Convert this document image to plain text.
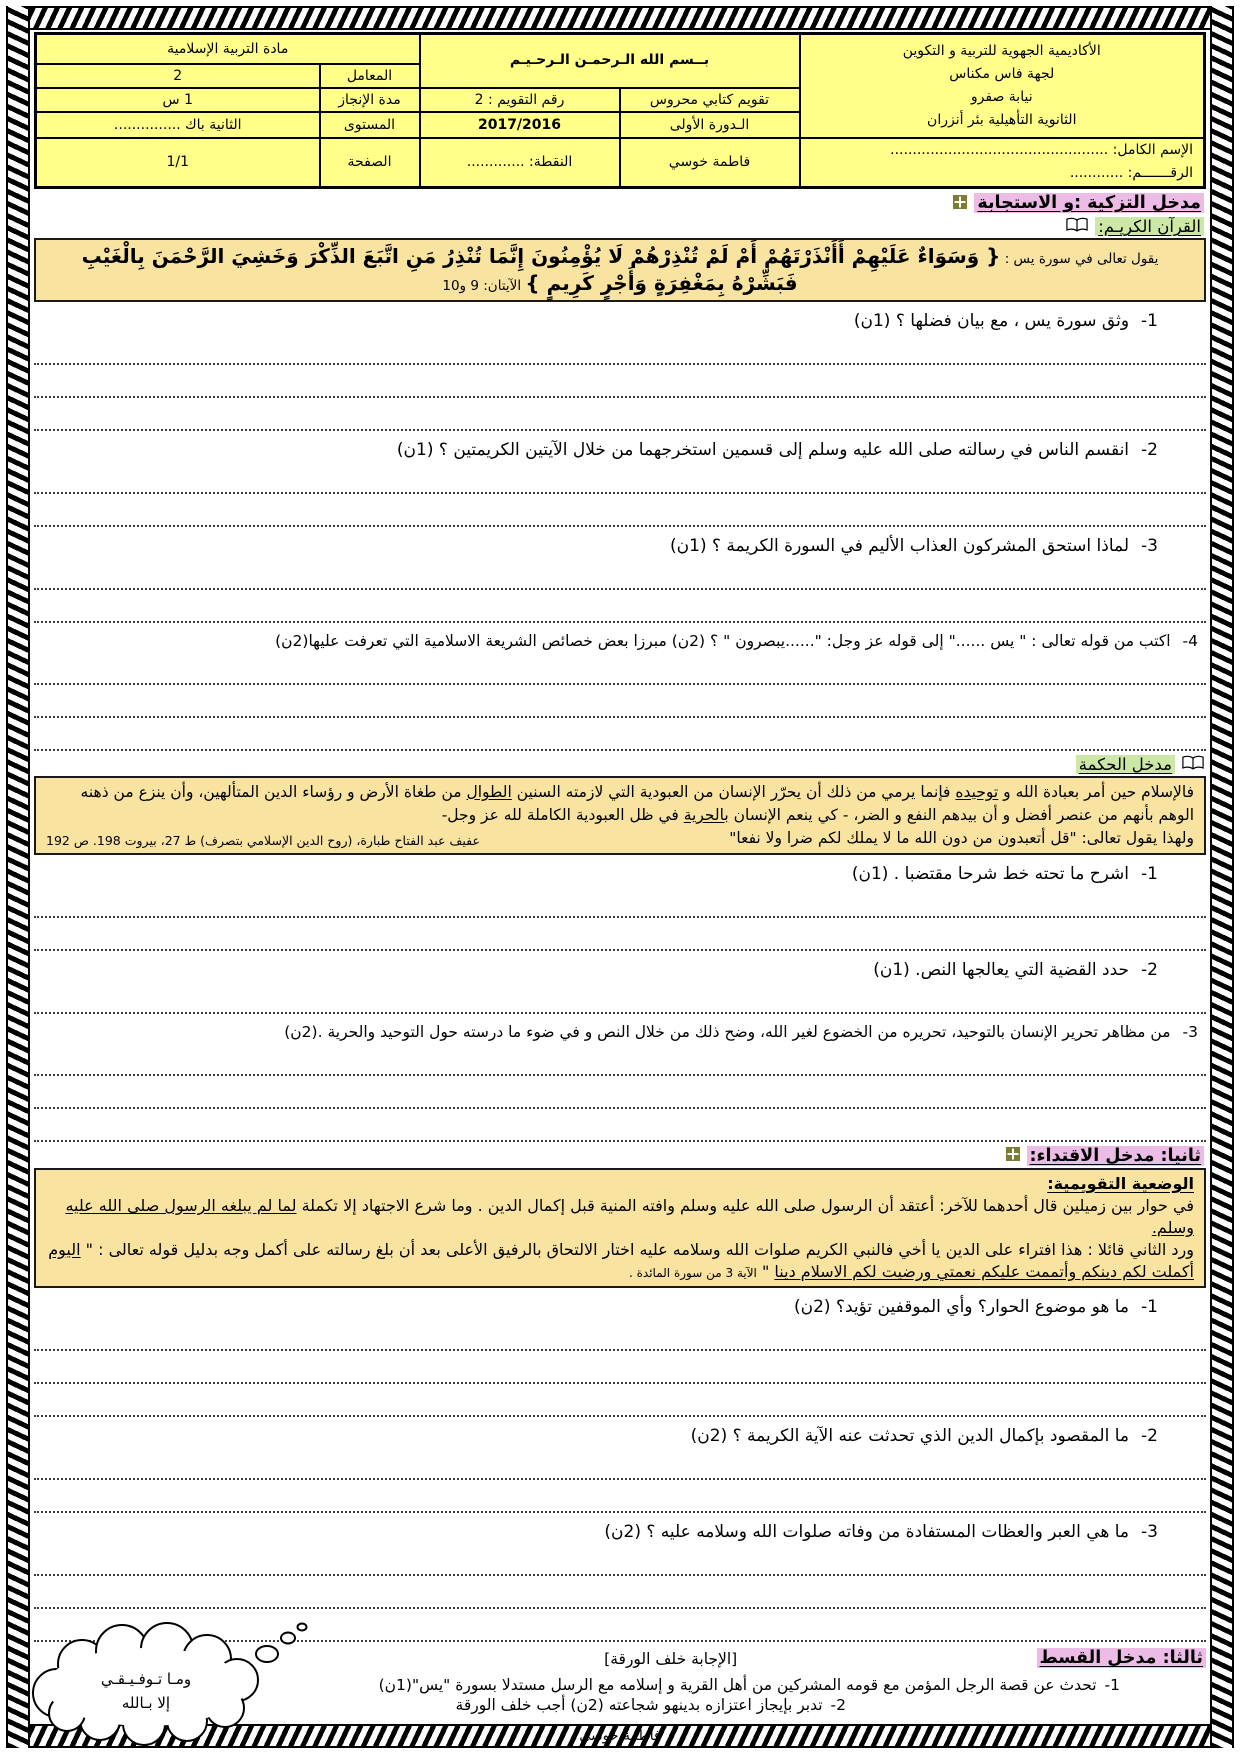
الأكاديمية الجهوية للتربية و التكوين
لجهة فاس مكناس
نيابة صفرو
الثانوية التأهيلية بئر أنزران	بــسم الله الـرحمـن الـرحـيـم		مادة التربية الإسلامية	
			المعامل	2
	تقويم كتابي محروس	رقم التقويم : 2	مدة الإنجاز	1 س
	الـدورة الأولى	2017/2016	المستوى	الثانية باك ...............

الإسم الكامل: .................................................
الرقـــــــم: ............	فاطمة خوسي	النقطة: .............	الصفحة	1/1
مدخل التزكية :و الاستجابة
القرآن الكريـم:
يقول تعالى في سورة يس : { وَسَوَاءٌ عَلَيْهِمْ أَأَنْذَرْتَهُمْ أَمْ لَمْ تُنْذِرْهُمْ لَا يُؤْمِنُونَ إِنَّمَا تُنْذِرُ مَنِ اتَّبَعَ الذِّكْرَ وَخَشِيَ الرَّحْمَنَ بِالْغَيْبِ فَبَشِّرْهُ بِمَغْفِرَةٍ وَأَجْرٍ كَرِيمٍ } الآيتان: 9 و10
1-وثق سورة يس ، مع بيان فضلها ؟ (1ن)
2-انقسم الناس في رسالته صلى الله عليه وسلم إلى قسمين استخرجهما من خلال الآيتين الكريمتين ؟ (1ن)
3-لماذا استحق المشركون العذاب الأليم في السورة الكريمة ؟ (1ن)
4-اكتب من قوله تعالى : " يس ......" إلى قوله عز وجل: "......يبصرون " ؟ (2ن) مبرزا بعض خصائص الشريعة الاسلامية التي تعرفت عليها(2ن)
مدخل الحكمة
فالإسلام حين أمر بعبادة الله و توحيده فإنما يرمي من ذلك أن يحرّر الإنسان من العبودية التي لازمته السنين الطوال من طغاة الأرض و رؤساء الدين المتألهين، وأن ينزع من ذهنه الوهم بأنهم من عنصر أفضل و أن بيدهم النفع و الضر، - كي ينعم الإنسان بالحرية في ظل العبودية الكاملة لله عز وجل-
ولهذا يقول تعالى: "قل أتعبدون من دون الله ما لا يملك لكم ضرا ولا نفعا"
عفيف عبد الفتاح طبارة، (روح الدين الإسلامي بتصرف) ط 27، بيروت 198. ص 192
1-اشرح ما تحته خط شرحا مقتضبا . (1ن)
2-حدد القضية التي يعالجها النص. (1ن)
3-من مظاهر تحرير الإنسان بالتوحيد، تحريره من الخضوع لغير الله، وضح ذلك من خلال النص و في ضوء ما درسته حول التوحيد والحرية .(2ن)
ثانيا: مدخل الاقتداء:
الوضعية التقويمية:
في حوار بين زميلين قال أحدهما للآخر: أعتقد أن الرسول صلى الله عليه وسلم وافته المنية قبل إكمال الدين . وما شرع الاجتهاد إلا تكملة لما لم يبلغه الرسول صلى الله عليه وسلم.
ورد الثاني قائلا : هذا افتراء على الدين يا أخي فالنبي الكريم صلوات الله وسلامه عليه اختار الالتحاق بالرفيق الأعلى بعد أن بلغ رسالته على أكمل وجه بدليل قوله تعالى : " اليوم أكملت لكم دينكم وأتممت عليكم نعمتي ورضيت لكم الاسلام دينا " الآية 3 من سورة المائدة .
1-ما هو موضوع الحوار؟ وأي الموقفين تؤيد؟ (2ن)
2-ما المقصود بإكمال الدين الذي تحدثت عنه الآية الكريمة ؟ (2ن)
3-ما هي العبر والعظات المستفادة من وفاته صلوات الله وسلامه عليه ؟ (2ن)
ثالثا: مدخل القسط
[الإجابة خلف الورقة]
1-تحدث عن قصة الرجل المؤمن مع قومه المشركين من أهل القرية و إسلامه مع الرسل مستدلا بسورة "يس"(1ن)
2-تدبر بإيجاز اعتزازه بدينهو شجاعته (2ن) أجب خلف الورقة
فاطمة خوسي
ومـا تـوفـيـقـي
إلا بـالله
